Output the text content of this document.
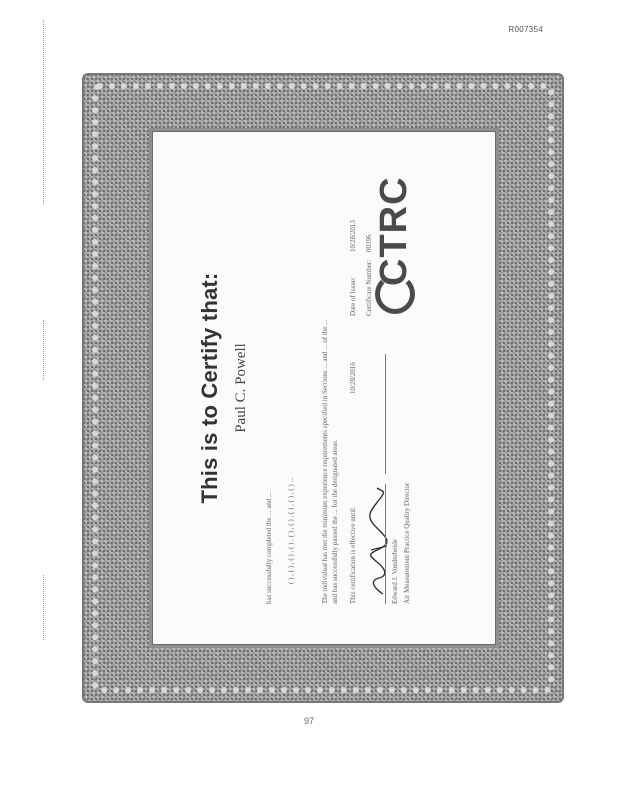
R007354
This is to Certify that: Paul C. Powell
has successfully completed the ... and ... ( ) , ( ) , ( ) , ( ) , ( ) , ( ) , ( ) , ( ) , ( ) ...	The individual has met the minimum experience requirements specified in Sections ... and ... of the ... and has successfully passed the ... for the designated areas. This certification is effective until:
10/28/2016
Date of Issue:
10/28/2013
Certificate Number:
00396
Edward J. Vonderheide Air Measurement Practice Quality Director
CTRC
97
